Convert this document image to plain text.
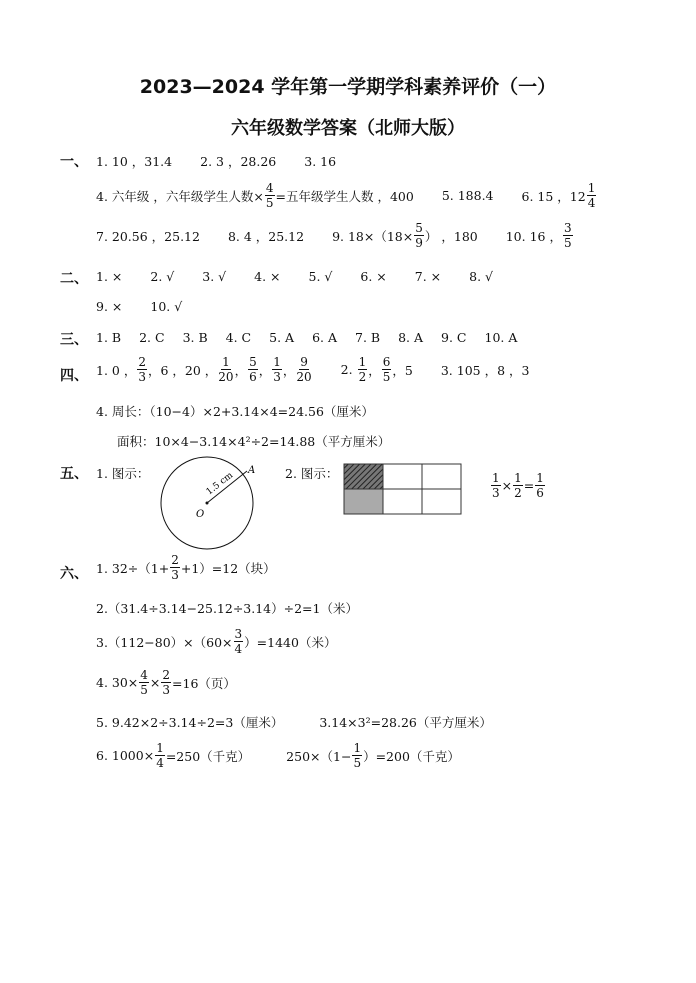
2023—2024 学年第一学期学科素养评价（一）
六年级数学答案（北师大版）
一、 1. 10 ，31.4 2. 3 ，28.26 3. 16
4. 六年级 ，六年级学生人数× $\frac{4}{5}$ =五年级学生人数 ，400 5. 188.4 6. 15 ，$12 \frac{1}{4}$
7. 20.56 ，25.12 8. 4 ，25.12 9. $18\times(18\times \frac{5}{9}$ ） ，180 10. 16 ， $\frac{3}{5}$
二、 1. × 2. √ 3. √ 4. × 5. √ 6. × 7. × 8. √
9. × 10. √
三、 1. B 2. C 3. B 4. C 5. A 6. A 7. B 8. A 9. C 10. A
四、 1. 0 ， $\frac{2}{3}$ ，6 ，20 ， $\frac{1}{20}$ ， $\frac{5}{6}$ ， $\frac{1}{3}$ ， $\frac{9}{20} 2$.
$\frac{1}{2}$ ， $\frac{6}{5}$ ，5 3. 105 ，8 ，3
4. 周长：（10−4）×2+3.14×4=24.56（厘米）
面积：10×4−3.14×4²÷2=14.88（平方厘米）
五、 1. 图示：	1.5 cm
A
O
2. 图示：	$\frac{1}{3} \times \frac{1}{2} = \frac{1}{6}$
六、 1. $32\div(1+ \frac{2}{3} +1)=12$（块）
2.（31.4÷3.14−25.12÷3.14）÷2=1（米）
$3.(112-80)\times(60\times \frac{3}{4} )=1440$（米）
4. $30\times \frac{4}{5} \times \frac{2}{3} =16$（页）
5. 9.42×2÷3.14÷2=3（厘米）	3.14×3²=28.26（平方厘米）
6. $1000\times \frac{1}{4} =250$（千克）	$250\times(1- \frac{1}{5} )=200$（千克）
